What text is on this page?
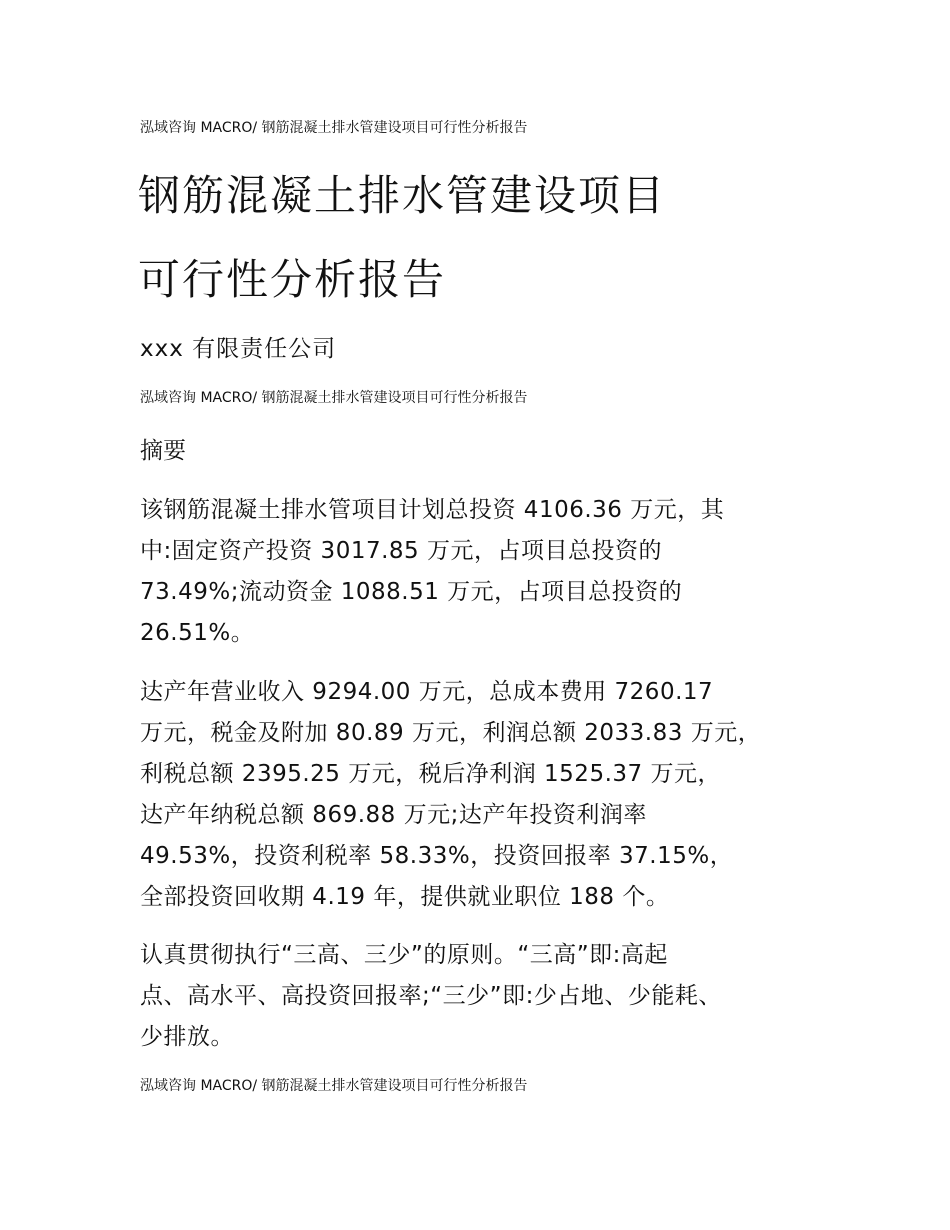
泓域咨询 MACRO/ 钢筋混凝土排水管建设项目可行性分析报告
钢筋混凝土排水管建设项目
可行性分析报告
xxx 有限责任公司
泓域咨询 MACRO/ 钢筋混凝土排水管建设项目可行性分析报告
摘要
该钢筋混凝土排水管项目计划总投资 4106.36 万元，其
中:固定资产投资 3017.85 万元，占项目总投资的
73.49%;流动资金 1088.51 万元，占项目总投资的
26.51%。
达产年营业收入 9294.00 万元，总成本费用 7260.17
万元，税金及附加 80.89 万元，利润总额 2033.83 万元，
利税总额 2395.25 万元，税后净利润 1525.37 万元，
达产年纳税总额 869.88 万元;达产年投资利润率
49.53%，投资利税率 58.33%，投资回报率 37.15%，
全部投资回收期 4.19 年，提供就业职位 188 个。
认真贯彻执行“三高、三少”的原则。“三高”即:高起
点、高水平、高投资回报率;“三少”即:少占地、少能耗、
少排放。
泓域咨询 MACRO/ 钢筋混凝土排水管建设项目可行性分析报告
